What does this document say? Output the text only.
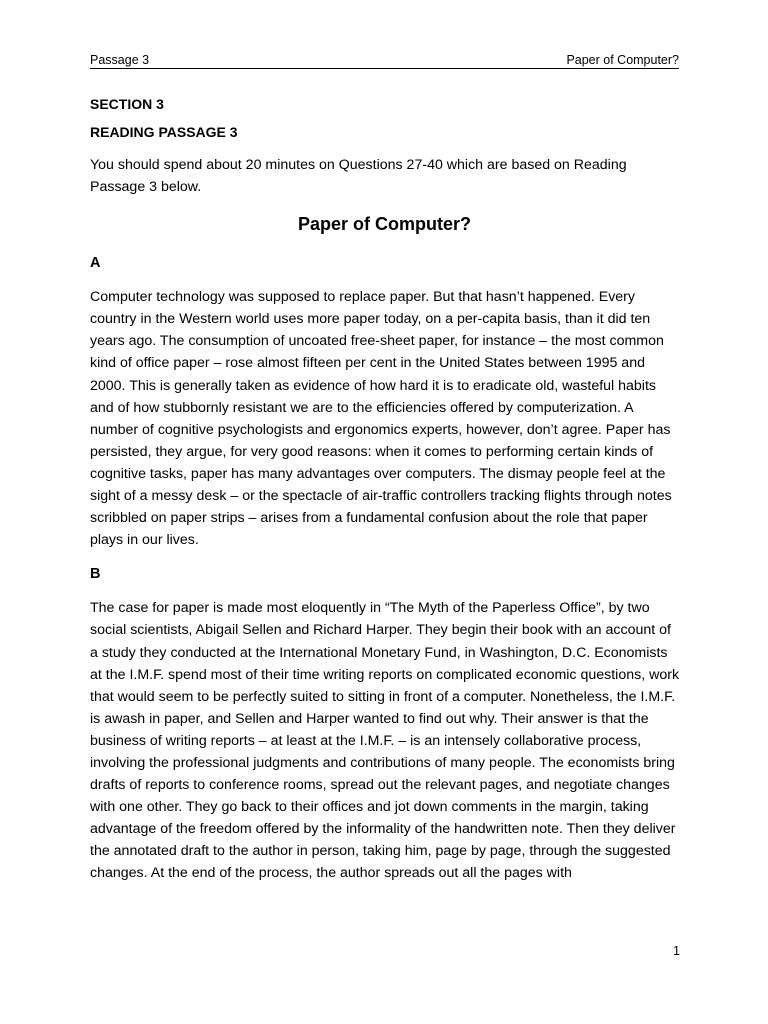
Passage 3	Paper of Computer?

SECTION 3

READING PASSAGE 3

You should spend about 20 minutes on Questions 27-40 which are based on Reading Passage 3 below.

Paper of Computer?

A

Computer technology was supposed to replace paper. But that hasn’t happened. Every country in the Western world uses more paper today, on a per-capita basis, than it did ten years ago. The consumption of uncoated free-sheet paper, for instance – the most common kind of office paper – rose almost fifteen per cent in the United States between 1995 and 2000. This is generally taken as evidence of how hard it is to eradicate old, wasteful habits and of how stubbornly resistant we are to the efficiencies offered by computerization. A number of cognitive psychologists and ergonomics experts, however, don’t agree. Paper has persisted, they argue, for very good reasons: when it comes to performing certain kinds of cognitive tasks, paper has many advantages over computers. The dismay people feel at the sight of a messy desk – or the spectacle of air-traffic controllers tracking flights through notes scribbled on paper strips – arises from a fundamental confusion about the role that paper plays in our lives.

B

The case for paper is made most eloquently in “The Myth of the Paperless Office”, by two social scientists, Abigail Sellen and Richard Harper. They begin their book with an account of a study they conducted at the International Monetary Fund, in Washington, D.C. Economists at the I.M.F. spend most of their time writing reports on complicated economic questions, work that would seem to be perfectly suited to sitting in front of a computer. Nonetheless, the I.M.F. is awash in paper, and Sellen and Harper wanted to find out why. Their answer is that the business of writing reports – at least at the I.M.F. – is an intensely collaborative process, involving the professional judgments and contributions of many people. The economists bring drafts of reports to conference rooms, spread out the relevant pages, and negotiate changes with one other. They go back to their offices and jot down comments in the margin, taking advantage of the freedom offered by the informality of the handwritten note. Then they deliver the annotated draft to the author in person, taking him, page by page, through the suggested changes. At the end of the process, the author spreads out all the pages with

1
